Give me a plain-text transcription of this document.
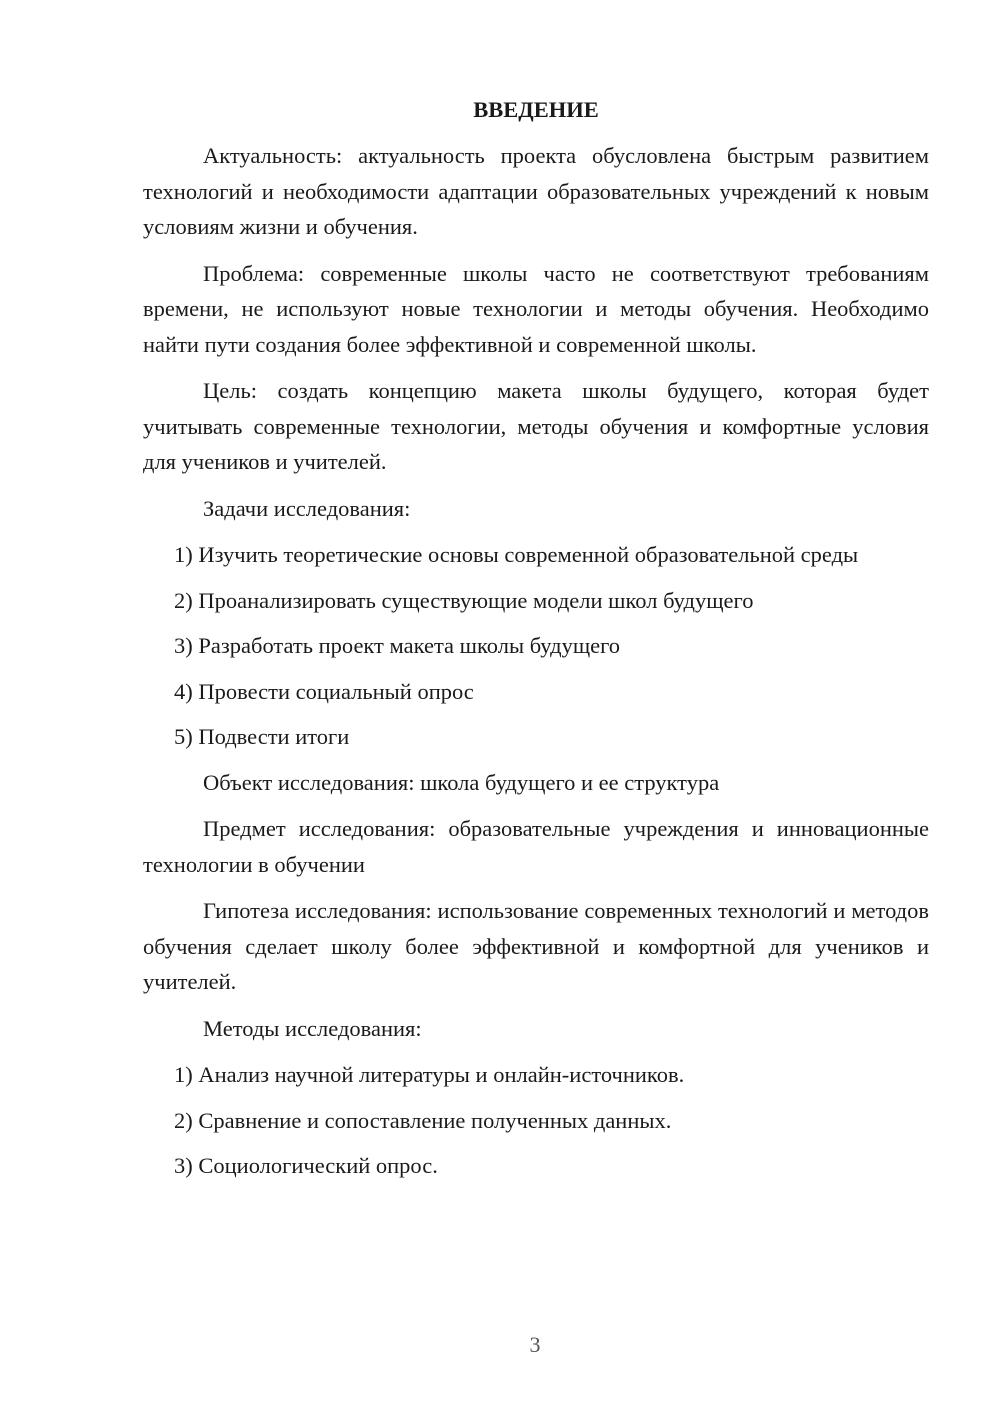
ВВЕДЕНИЕ

Актуальность: актуальность проекта обусловлена быстрым развитием технологий и необходимости адаптации образовательных учреждений к новым условиям жизни и обучения.

Проблема: современные школы часто не соответствуют требованиям времени, не используют новые технологии и методы обучения. Необходимо найти пути создания более эффективной и современной школы.

Цель: создать концепцию макета школы будущего, которая будет учитывать современные технологии, методы обучения и комфортные условия для учеников и учителей.

Задачи исследования:

1) Изучить теоретические основы современной образовательной среды

2) Проанализировать существующие модели школ будущего

3) Разработать проект макета школы будущего

4) Провести социальный опрос

5) Подвести итоги

Объект исследования: школа будущего и ее структура

Предмет исследования: образовательные учреждения и инновационные технологии в обучении

Гипотеза исследования: использование современных технологий и методов обучения сделает школу более эффективной и комфортной для учеников и учителей.

Методы исследования:

1) Анализ научной литературы и онлайн-источников.

2) Сравнение и сопоставление полученных данных.

3) Социологический опрос.

3
